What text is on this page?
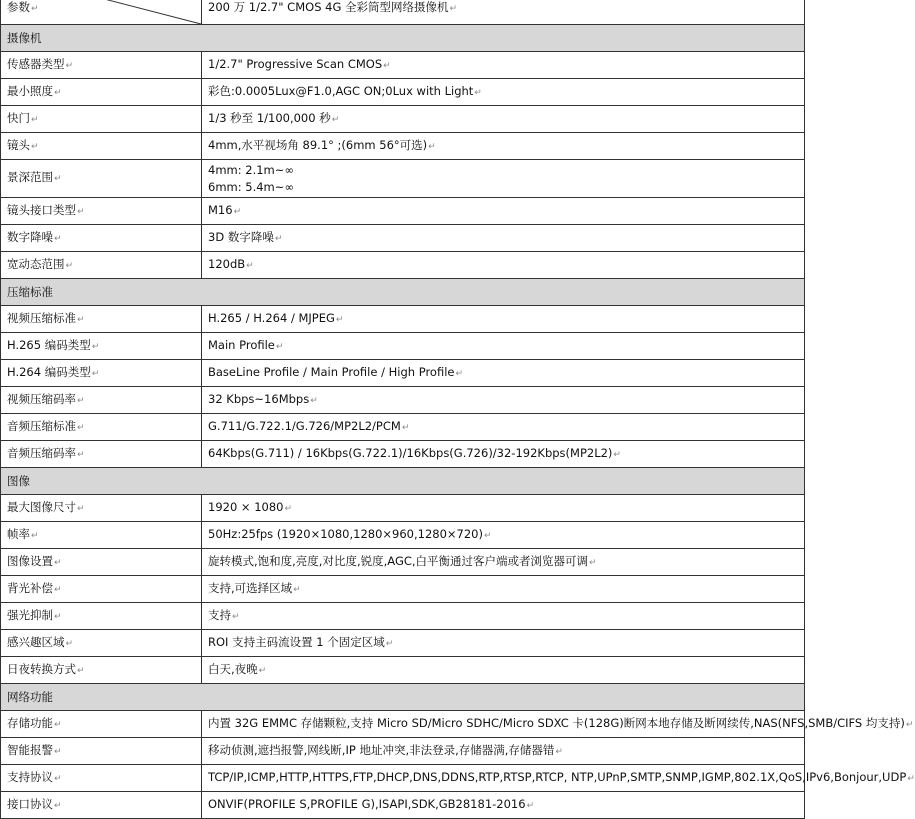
参数↵	200 万 1/2.7" CMOS 4G 全彩筒型网络摄像机↵
摄像机	
传感器类型↵	1/2.7" Progressive Scan CMOS↵
最小照度↵	彩色:0.0005Lux@F1.0,AGC ON;0Lux with Light↵
快门↵	1/3 秒至 1/100,000 秒↵
镜头↵	4mm,水平视场角 89.1° ;(6mm 56°可选)↵
景深范围↵	4mm: 2.1m~∞
6mm: 5.4m~∞

镜头接口类型↵	M16↵
数字降噪↵	3D 数字降噪↵
宽动态范围↵	120dB↵
压缩标准	
视频压缩标准↵	H.265 / H.264 / MJPEG↵
H.265 编码类型↵	Main Profile↵
H.264 编码类型↵	BaseLine Profile / Main Profile / High Profile↵
视频压缩码率↵	32 Kbps~16Mbps↵
音频压缩标准↵	G.711/G.722.1/G.726/MP2L2/PCM↵
音频压缩码率↵	64Kbps(G.711) / 16Kbps(G.722.1)/16Kbps(G.726)/32-192Kbps(MP2L2)↵
图像	
最大图像尺寸↵	1920 × 1080↵
帧率↵	50Hz:25fps (1920×1080,1280×960,1280×720)↵
图像设置↵	旋转模式,饱和度,亮度,对比度,锐度,AGC,白平衡通过客户端或者浏览器可调↵
背光补偿↵	支持,可选择区域↵
强光抑制↵	支持↵
感兴趣区域↵	ROI 支持主码流设置 1 个固定区域↵
日夜转换方式↵	白天,夜晚↵
网络功能	
存储功能↵	内置 32G EMMC 存储颗粒,支持 Micro SD/Micro SDHC/Micro SDXC 卡(128G)断网本地存储及断网续传,NAS(NFS,SMB/CIFS 均支持)↵
智能报警↵	移动侦测,遮挡报警,网线断,IP 地址冲突,非法登录,存储器满,存储器错↵
支持协议↵	TCP/IP,ICMP,HTTP,HTTPS,FTP,DHCP,DNS,DDNS,RTP,RTSP,RTCP, NTP,UPnP,SMTP,SNMP,IGMP,802.1X,QoS,IPv6,Bonjour,UDP↵
接口协议↵	ONVIF(PROFILE S,PROFILE G),ISAPI,SDK,GB28181-2016↵
